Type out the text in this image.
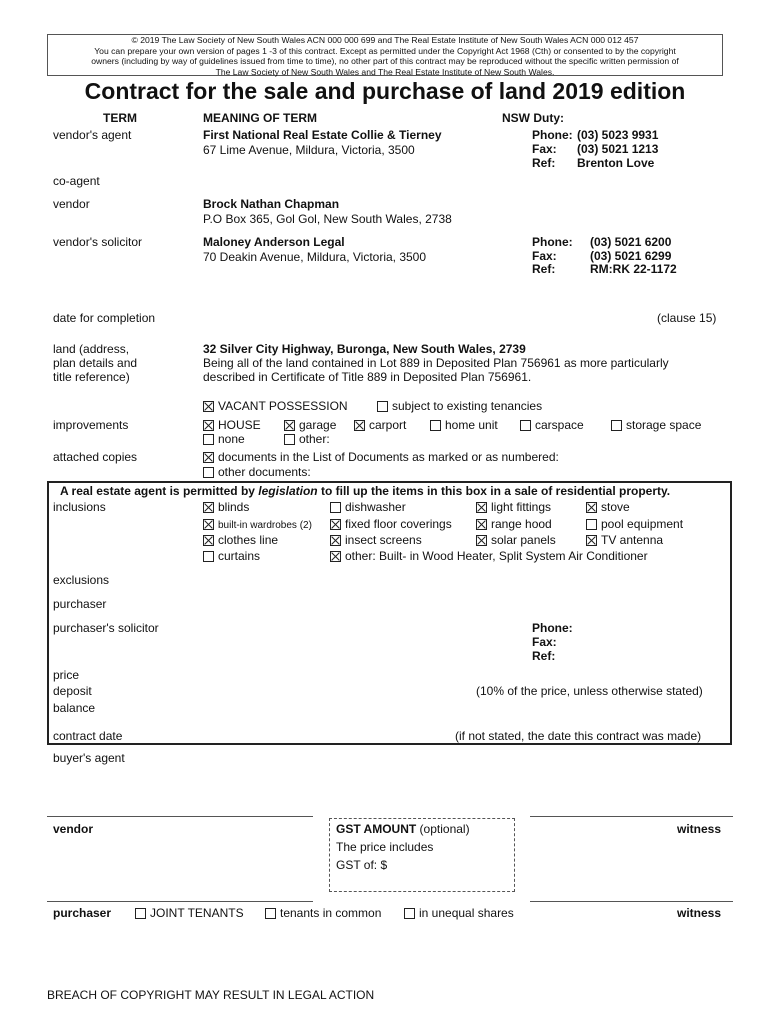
© 2019 The Law Society of New South Wales ACN 000 000 699 and The Real Estate Institute of New South Wales ACN 000 012 457
You can prepare your own version of pages 1 -3 of this contract. Except as permitted under the Copyright Act 1968 (Cth) or consented to by the copyright
owners (including by way of guidelines issued from time to time), no other part of this contract may be reproduced without the specific written permission of
The Law Society of New South Wales and The Real Estate Institute of New South Wales.
Contract for the sale and purchase of land 2019 edition
TERM	MEANING OF TERM	NSW Duty:
vendor's agent	First National Real Estate Collie & Tierney
67 Lime Avenue, Mildura, Victoria, 3500
Phone: (03) 5023 9931
Fax: (03) 5021 1213
Ref: Brenton Love
co-agent
vendor	Brock Nathan Chapman
P.O Box 365, Gol Gol, New South Wales, 2738
vendor's solicitor	Maloney Anderson Legal
70 Deakin Avenue, Mildura, Victoria, 3500
Phone: (03) 5021 6200
Fax:	(03) 5021 6299
Ref:	RM:RK 22-1172
date for completion	(clause 15)
land (address,
plan details and
title reference)
32 Silver City Highway, Buronga, New South Wales, 2739
Being all of the land contained in Lot 889 in Deposited Plan 756961 as more particularly
described in Certificate of Title 889 in Deposited Plan 756961.
VACANT POSSESSION	subject to existing tenancies
improvements	HOUSE	garage	carport	home unit	carspace	storage space
none	other:
attached copies	documents in the List of Documents as marked or as numbered:
other documents:
A real estate agent is permitted by legislation to fill up the items in this box in a sale of residential property.
inclusions	blinds	dishwasher	light fittings	stove
built-in wardrobes (2)	fixed floor coverings	range hood	pool equipment
clothes line	insect screens	solar panels	TV antenna
curtains	other: Built- in Wood Heater, Split System Air Conditioner
exclusions
purchaser
purchaser's solicitor	Phone:
Fax:
Ref:
price
deposit	(10% of the price, unless otherwise stated)
balance
contract date	(if not stated, the date this contract was made)
buyer's agent
vendor	witness
GST AMOUNT (optional)
The price includes
GST of: $
purchaser	JOINT TENANTS	tenants in common	in unequal shares	witness
BREACH OF COPYRIGHT MAY RESULT IN LEGAL ACTION
